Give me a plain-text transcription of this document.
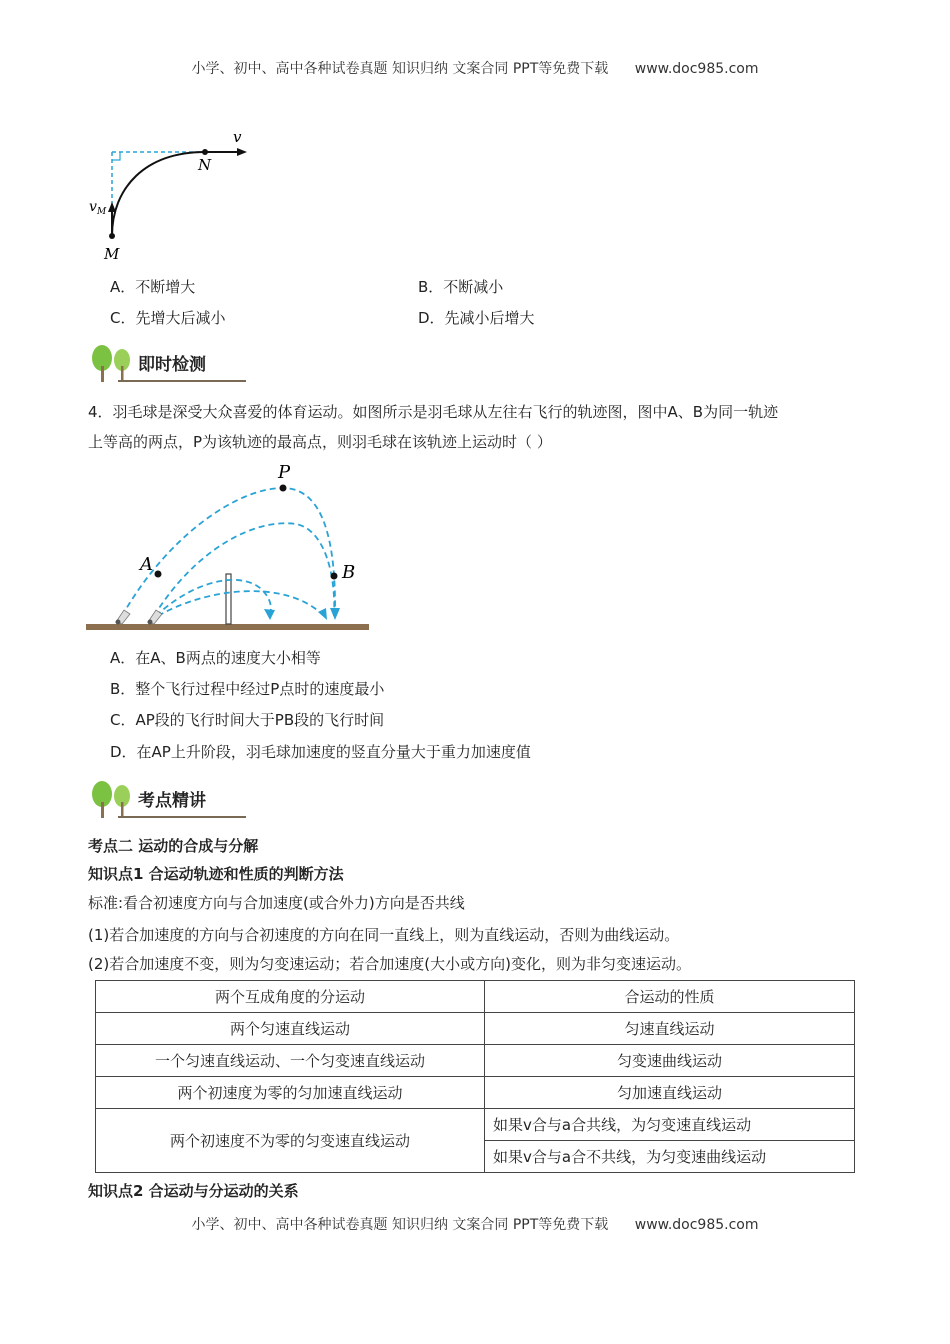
小学、初中、高中各种试卷真题 知识归纳 文案合同 PPT等免费下载 www.doc985.com
v
N
v M
M
A．不断增大	B．不断减小
C．先增大后减小	D．先减小后增大
即时检测
4．羽毛球是深受大众喜爱的体育运动。如图所示是羽毛球从左往右飞行的轨迹图，图中A、B为同一轨迹
上等高的两点，P为该轨迹的最高点，则羽毛球在该轨迹上运动时（ ）
P
A	B
A．在A、B两点的速度大小相等
B．整个飞行过程中经过P点时的速度最小
C．AP段的飞行时间大于PB段的飞行时间
D．在AP上升阶段，羽毛球加速度的竖直分量大于重力加速度值
考点精讲
考点二 运动的合成与分解
知识点1 合运动轨迹和性质的判断方法
标准:看合初速度方向与合加速度(或合外力)方向是否共线
(1)若合加速度的方向与合初速度的方向在同一直线上，则为直线运动，否则为曲线运动。
(2)若合加速度不变，则为匀变速运动；若合加速度(大小或方向)变化，则为非匀变速运动。
两个互成角度的分运动	合运动的性质
两个匀速直线运动	匀速直线运动
一个匀速直线运动、一个匀变速直线运动	匀变速曲线运动
两个初速度为零的匀加速直线运动	匀加速直线运动
两个初速度不为零的匀变速直线运动	如果v合与a合共线，为匀变速直线运动
	如果v合与a合不共线，为匀变速曲线运动
知识点2 合运动与分运动的关系
小学、初中、高中各种试卷真题 知识归纳 文案合同 PPT等免费下载 www.doc985.com
